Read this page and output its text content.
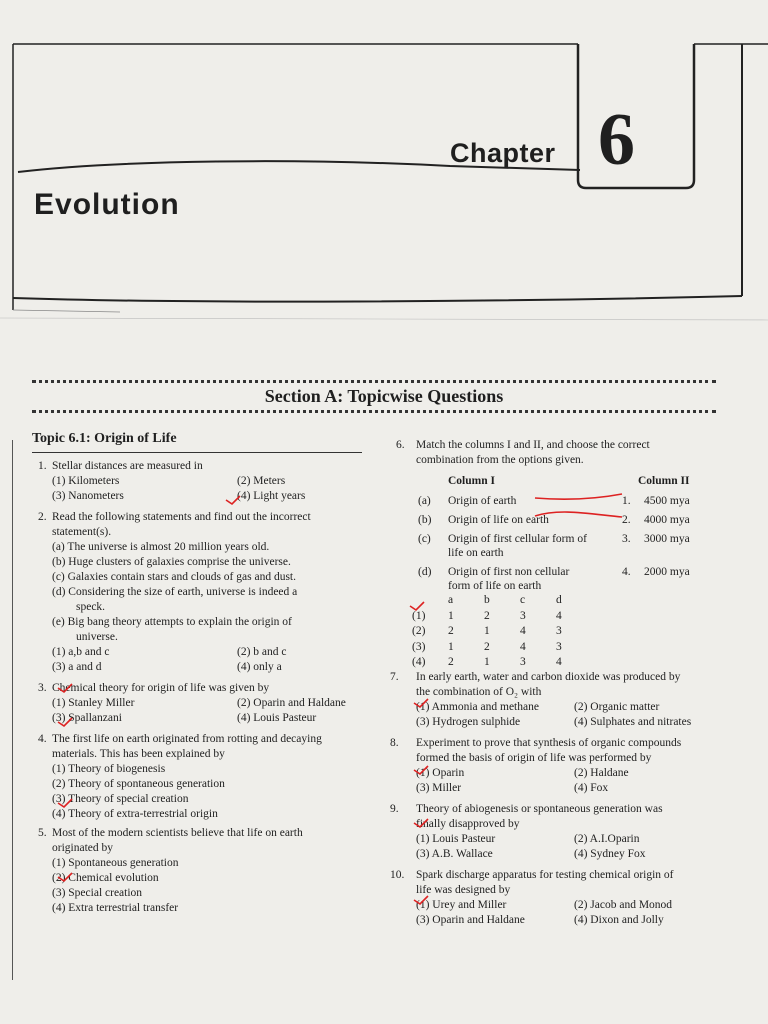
Chapter 6
Evolution
Section A: Topicwise Questions
Topic 6.1: Origin of Life

1. Stellar distances are measured in

(1) Kilometers	(2) Meters
(3) Nanometers	(4) Light years

2. Read the following statements and find out the incorrect

statement(s).

(a) The universe is almost 20 million years old.

(b) Huge clusters of galaxies comprise the universe.

(c) Galaxies contain stars and clouds of gas and dust.

(d) Considering the size of earth, universe is indeed a

speck.

(e) Big bang theory attempts to explain the origin of

universe.

(1) a,b and c	(2) b and c
(3) a and d	(4) only a

3. Chemical theory for origin of life was given by

(1) Stanley Miller	(2) Oparin and Haldane
(3) Spallanzani	(4) Louis Pasteur

4. The first life on earth originated from rotting and decaying

materials. This has been explained by

(1) Theory of biogenesis

(2) Theory of spontaneous generation

(3) Theory of special creation

(4) Theory of extra-terrestrial origin

5. Most of the modern scientists believe that life on earth

originated by

(1) Spontaneous generation

(2) Chemical evolution

(3) Special creation

(4) Extra terrestrial transfer

6. Match the columns I and II, and choose the correct

combination from the options given.

Column I	Column II
(a)	Origin of earth	1.	4500 mya
(b)	Origin of life on earth	2.	4000 mya
(c)	Origin of first cellular form of	3.	3000 mya
life on earth
(d)	Origin of first non cellular	4.	2000 mya
form of life on earth
a	b	c	d
(1)	1	2	3	4
(2)	2	1	4	3
(3)	1	2	4	3
(4)	2	1	3	4

7. In early earth, water and carbon dioxide was produced by

the combination of O₂ with

(1) Ammonia and methane	(2) Organic matter
(3) Hydrogen sulphide	(4) Sulphates and nitrates

8. Experiment to prove that synthesis of organic compounds

formed the basis of origin of life was performed by

(1) Oparin	(2) Haldane
(3) Miller	(4) Fox

9. Theory of abiogenesis or spontaneous generation was

finally disapproved by

(1) Louis Pasteur	(2) A.I.Oparin
(3) A.B. Wallace	(4) Sydney Fox

10. Spark discharge apparatus for testing chemical origin of

life was designed by

(1) Urey and Miller	(2) Jacob and Monod
(3) Oparin and Haldane	(4) Dixon and Jolly
